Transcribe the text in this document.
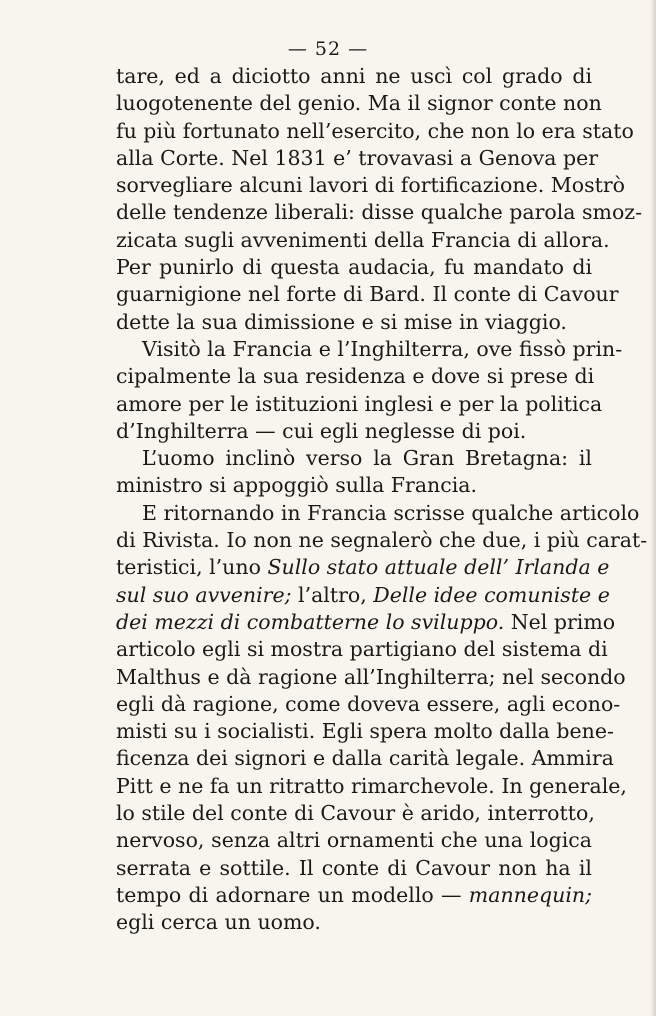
— 52 —
tare, ed a diciotto anni ne uscì col grado di
luogotenente del genio. Ma il signor conte non
fu più fortunato nell’esercito, che non lo era stato
alla Corte. Nel 1831 e’ trovavasi a Genova per
sorvegliare alcuni lavori di fortificazione. Mostrò
delle tendenze liberali: disse qualche parola smoz-
zicata sugli avvenimenti della Francia di allora.
Per punirlo di questa audacia, fu mandato di
guarnigione nel forte di Bard. Il conte di Cavour
dette la sua dimissione e si mise in viaggio.
Visitò la Francia e l’Inghilterra, ove fissò prin-
cipalmente la sua residenza e dove si prese di
amore per le istituzioni inglesi e per la politica
d’Inghilterra — cui egli neglesse di poi.
L’uomo inclinò verso la Gran Bretagna: il
ministro si appoggiò sulla Francia.
E ritornando in Francia scrisse qualche articolo
di Rivista. Io non ne segnalerò che due, i più carat-
teristici, l’uno Sullo stato attuale dell’ Irlanda e
sul suo avvenire; l’altro, Delle idee comuniste e
dei mezzi di combatterne lo sviluppo. Nel primo
articolo egli si mostra partigiano del sistema di
Malthus e dà ragione all’Inghilterra; nel secondo
egli dà ragione, come doveva essere, agli econo-
misti su i socialisti. Egli spera molto dalla bene-
ficenza dei signori e dalla carità legale. Ammira
Pitt e ne fa un ritratto rimarchevole. In generale,
lo stile del conte di Cavour è arido, interrotto,
nervoso, senza altri ornamenti che una logica
serrata e sottile. Il conte di Cavour non ha il
tempo di adornare un modello — mannequin;
egli cerca un uomo.
